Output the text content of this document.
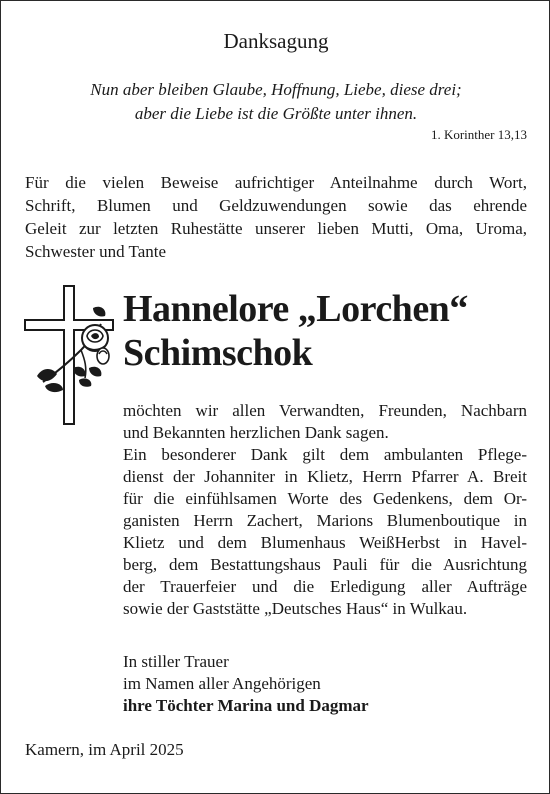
Danksagung
Nun aber bleiben Glaube, Hoffnung, Liebe, diese drei;
aber die Liebe ist die Größte unter ihnen.
1. Korinther 13,13
Für die vielen Beweise aufrichtiger Anteilnahme durch Wort,
Schrift, Blumen und Geldzuwendungen sowie das ehrende
Geleit zur letzten Ruhestätte unserer lieben Mutti, Oma, Uroma,
Schwester und Tante
Hannelore „Lorchen“
Schimschok
möchten wir allen Verwandten, Freunden, Nachbarn
und Bekannten herzlichen Dank sagen.
Ein besonderer Dank gilt dem ambulanten Pflege-
dienst der Johanniter in Klietz, Herrn Pfarrer A. Breit
für die einfühlsamen Worte des Gedenkens, dem Or-
ganisten Herrn Zachert, Marions Blumenboutique in
Klietz und dem Blumenhaus WeißHerbst in Havel-
berg, dem Bestattungshaus Pauli für die Ausrichtung
der Trauerfeier und die Erledigung aller Aufträge
sowie der Gaststätte „Deutsches Haus“ in Wulkau.
In stiller Trauer
im Namen aller Angehörigen
ihre Töchter Marina und Dagmar
Kamern, im April 2025
